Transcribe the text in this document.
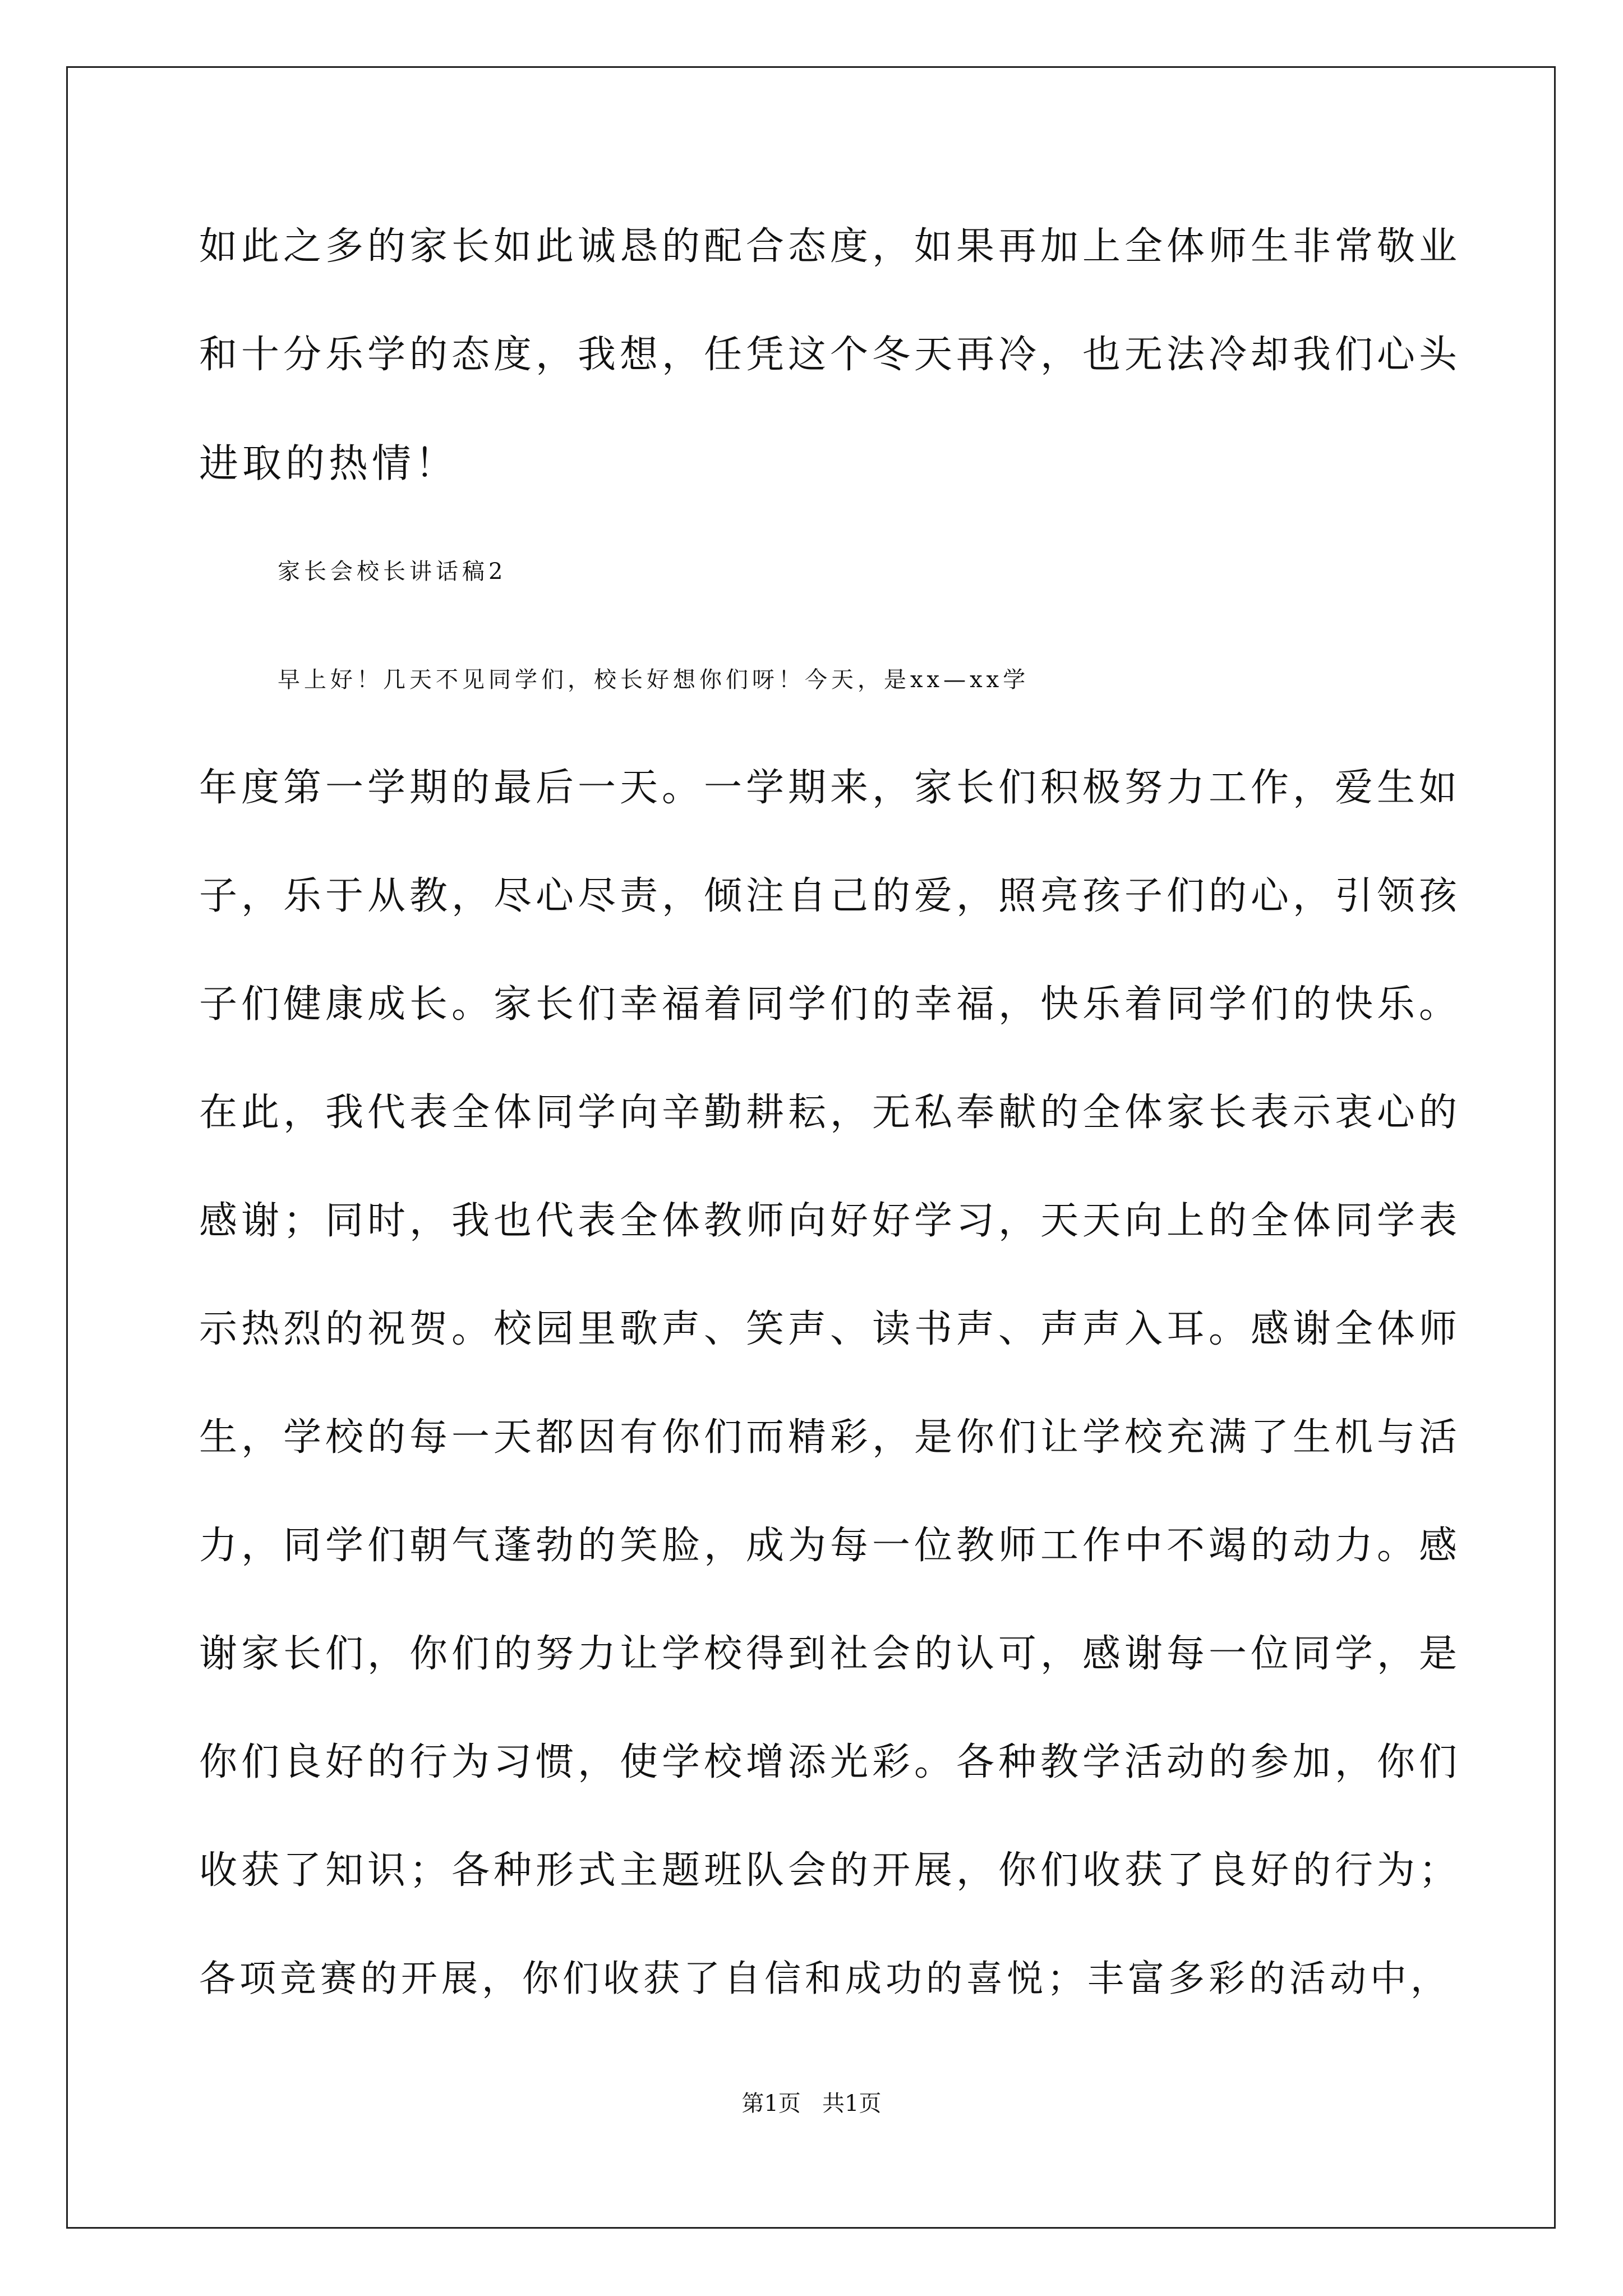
如此之多的家长如此诚恳的配合态度，如果再加上全体师生非常敬业
和十分乐学的态度，我想，任凭这个冬天再冷，也无法冷却我们心头
进取的热情！
家长会校长讲话稿2
早上好！几天不见同学们，校长好想你们呀！今天，是xx—xx学
年度第一学期的最后一天。一学期来，家长们积极努力工作，爱生如
子，乐于从教，尽心尽责，倾注自己的爱，照亮孩子们的心，引领孩
子们健康成长。家长们幸福着同学们的幸福，快乐着同学们的快乐。
在此，我代表全体同学向辛勤耕耘，无私奉献的全体家长表示衷心的
感谢；同时，我也代表全体教师向好好学习，天天向上的全体同学表
示热烈的祝贺。校园里歌声、笑声、读书声、声声入耳。感谢全体师
生，学校的每一天都因有你们而精彩，是你们让学校充满了生机与活
力，同学们朝气蓬勃的笑脸，成为每一位教师工作中不竭的动力。感
谢家长们，你们的努力让学校得到社会的认可，感谢每一位同学，是
你们良好的行为习惯，使学校增添光彩。各种教学活动的参加，你们
收获了知识；各种形式主题班队会的开展，你们收获了良好的行为；
各项竞赛的开展，你们收获了自信和成功的喜悦；丰富多彩的活动中，
第1页   共1页
